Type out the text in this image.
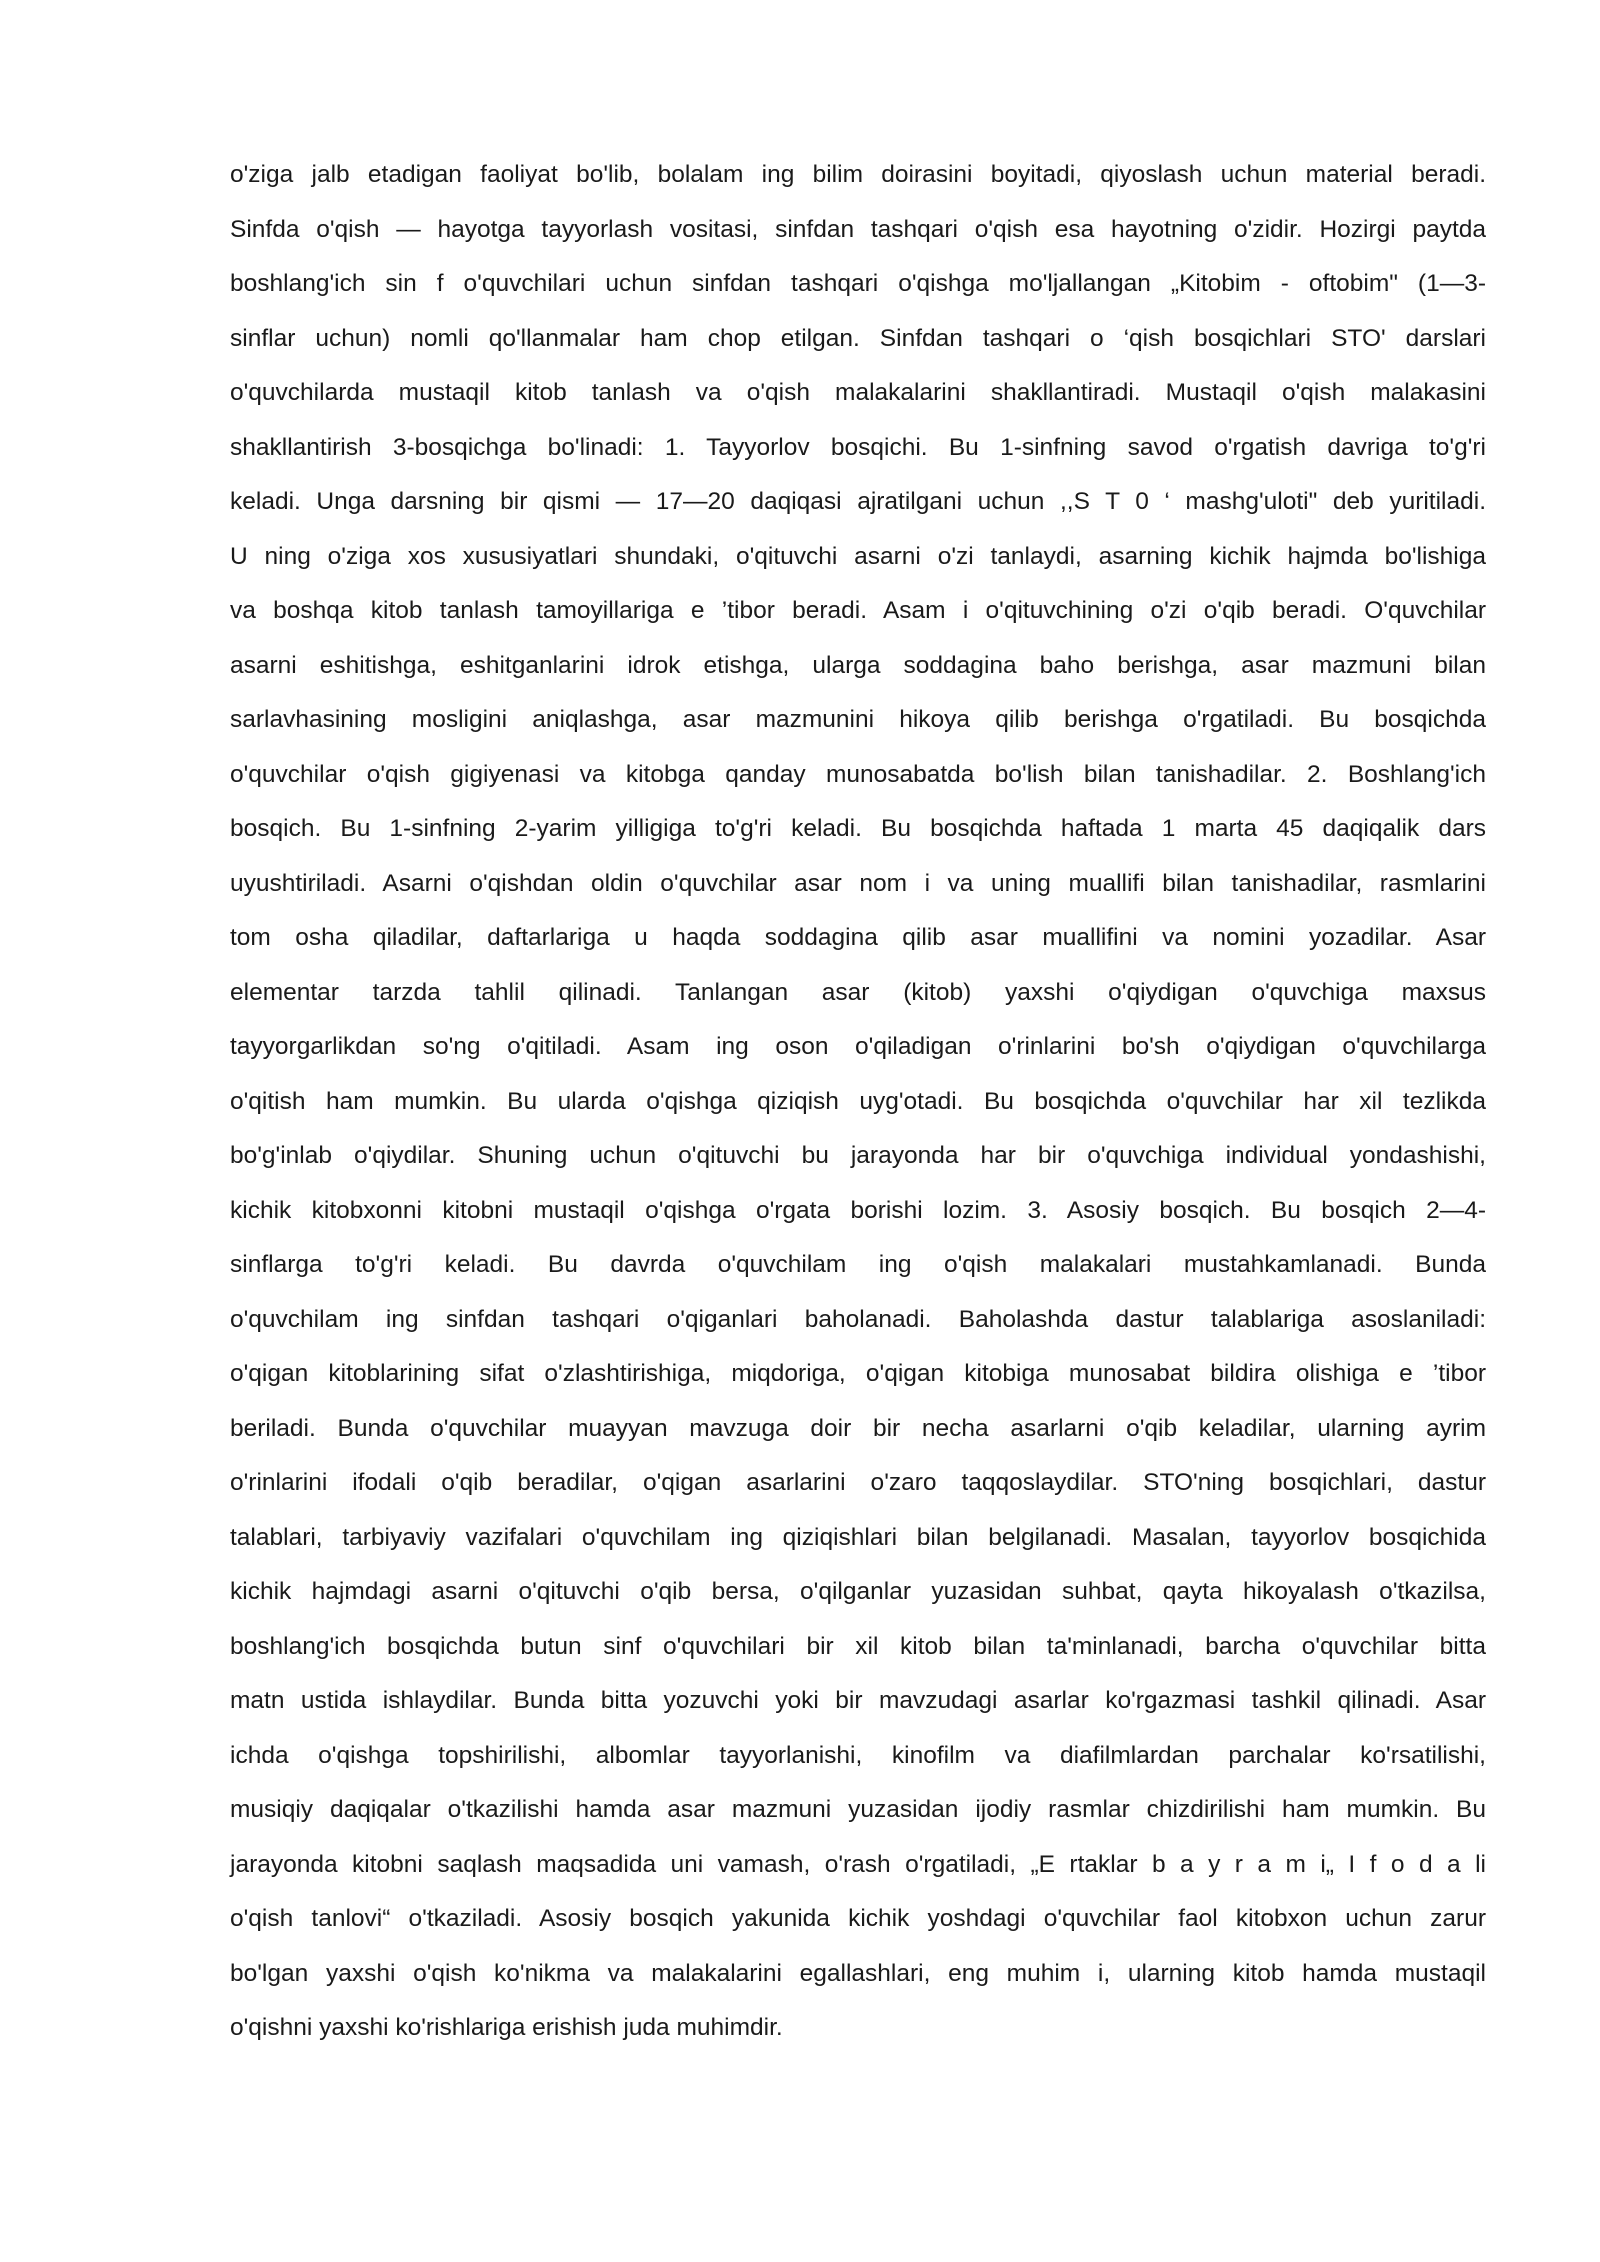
o'ziga jalb etadigan faoliyat bo'lib, bolalam ing bilim doirasini boyitadi, qiyoslash uchun material beradi.
Sinfda o'qish — hayotga tayyorlash vositasi, sinfdan tashqari o'qish esa hayotning o'zidir. Hozirgi paytda
boshlang'ich sin f o'quvchilari uchun sinfdan tashqari o'qishga mo'ljallangan „Kitobim - oftobim" (1—3-
sinflar uchun) nomli qo'llanmalar ham chop etilgan. Sinfdan tashqari o ‘qish bosqichlari STO' darslari
o'quvchilarda mustaqil kitob tanlash va o'qish malakalarini shakllantiradi. Mustaqil o'qish malakasini
shakllantirish 3-bosqichga bo'linadi: 1. Tayyorlov bosqichi. Bu 1-sinfning savod o'rgatish davriga to'g'ri
keladi. Unga darsning bir qismi — 17—20 daqiqasi ajratilgani uchun ,,S T 0 ‘ mashg'uloti" deb yuritiladi.
U ning o'ziga xos xususiyatlari shundaki, o'qituvchi asarni o'zi tanlaydi, asarning kichik hajmda bo'lishiga
va boshqa kitob tanlash tamoyillariga e ’tibor beradi. Asam i o'qituvchining o'zi o'qib beradi. O'quvchilar
asarni eshitishga, eshitganlarini idrok etishga, ularga soddagina baho berishga, asar mazmuni bilan
sarlavhasining mosligini aniqlashga, asar mazmunini hikoya qilib berishga o'rgatiladi. Bu bosqichda
o'quvchilar o'qish gigiyenasi va kitobga qanday munosabatda bo'lish bilan tanishadilar. 2. Boshlang'ich
bosqich. Bu 1-sinfning 2-yarim yilligiga to'g'ri keladi. Bu bosqichda haftada 1 marta 45 daqiqalik dars
uyushtiriladi. Asarni o'qishdan oldin o'quvchilar asar nom i va uning muallifi bilan tanishadilar, rasmlarini
tom osha qiladilar, daftarlariga u haqda soddagina qilib asar muallifini va nomini yozadilar. Asar
elementar tarzda tahlil qilinadi. Tanlangan asar (kitob) yaxshi o'qiydigan o'quvchiga maxsus
tayyorgarlikdan so'ng o'qitiladi. Asam ing oson o'qiladigan o'rinlarini bo'sh o'qiydigan o'quvchilarga
o'qitish ham mumkin. Bu ularda o'qishga qiziqish uyg'otadi. Bu bosqichda o'quvchilar har xil tezlikda
bo'g'inlab o'qiydilar. Shuning uchun o'qituvchi bu jarayonda har bir o'quvchiga individual yondashishi,
kichik kitobxonni kitobni mustaqil o'qishga o'rgata borishi lozim. 3. Asosiy bosqich. Bu bosqich 2—4-
sinflarga to'g'ri keladi. Bu davrda o'quvchilam ing o'qish malakalari mustahkamlanadi. Bunda
o'quvchilam ing sinfdan tashqari o'qiganlari baholanadi. Baholashda dastur talablariga asoslaniladi:
o'qigan kitoblarining sifat o'zlashtirishiga, miqdoriga, o'qigan kitobiga munosabat bildira olishiga e ’tibor
beriladi. Bunda o'quvchilar muayyan mavzuga doir bir necha asarlarni o'qib keladilar, ularning ayrim
o'rinlarini ifodali o'qib beradilar, o'qigan asarlarini o'zaro taqqoslaydilar. STO'ning bosqichlari, dastur
talablari, tarbiyaviy vazifalari o'quvchilam ing qiziqishlari bilan belgilanadi. Masalan, tayyorlov bosqichida
kichik hajmdagi asarni o'qituvchi o'qib bersa, o'qilganlar yuzasidan suhbat, qayta hikoyalash o'tkazilsa,
boshlang'ich bosqichda butun sinf o'quvchilari bir xil kitob bilan ta'minlanadi, barcha o'quvchilar bitta
matn ustida ishlaydilar. Bunda bitta yozuvchi yoki bir mavzudagi asarlar ko'rgazmasi tashkil qilinadi. Asar
ichda o'qishga topshirilishi, albomlar tayyorlanishi, kinofilm va diafilmlardan parchalar ko'rsatilishi,
musiqiy daqiqalar o'tkazilishi hamda asar mazmuni yuzasidan ijodiy rasmlar chizdirilishi ham mumkin. Bu
jarayonda kitobni saqlash maqsadida uni vamash, o'rash o'rgatiladi, „E rtaklar b a y r a m i„ I f o d a li
o'qish tanlovi“ o'tkaziladi. Asosiy bosqich yakunida kichik yoshdagi o'quvchilar faol kitobxon uchun zarur
bo'lgan yaxshi o'qish ko'nikma va malakalarini egallashlari, eng muhim i, ularning kitob hamda mustaqil
o'qishni yaxshi ko'rishlariga erishish juda muhimdir.
